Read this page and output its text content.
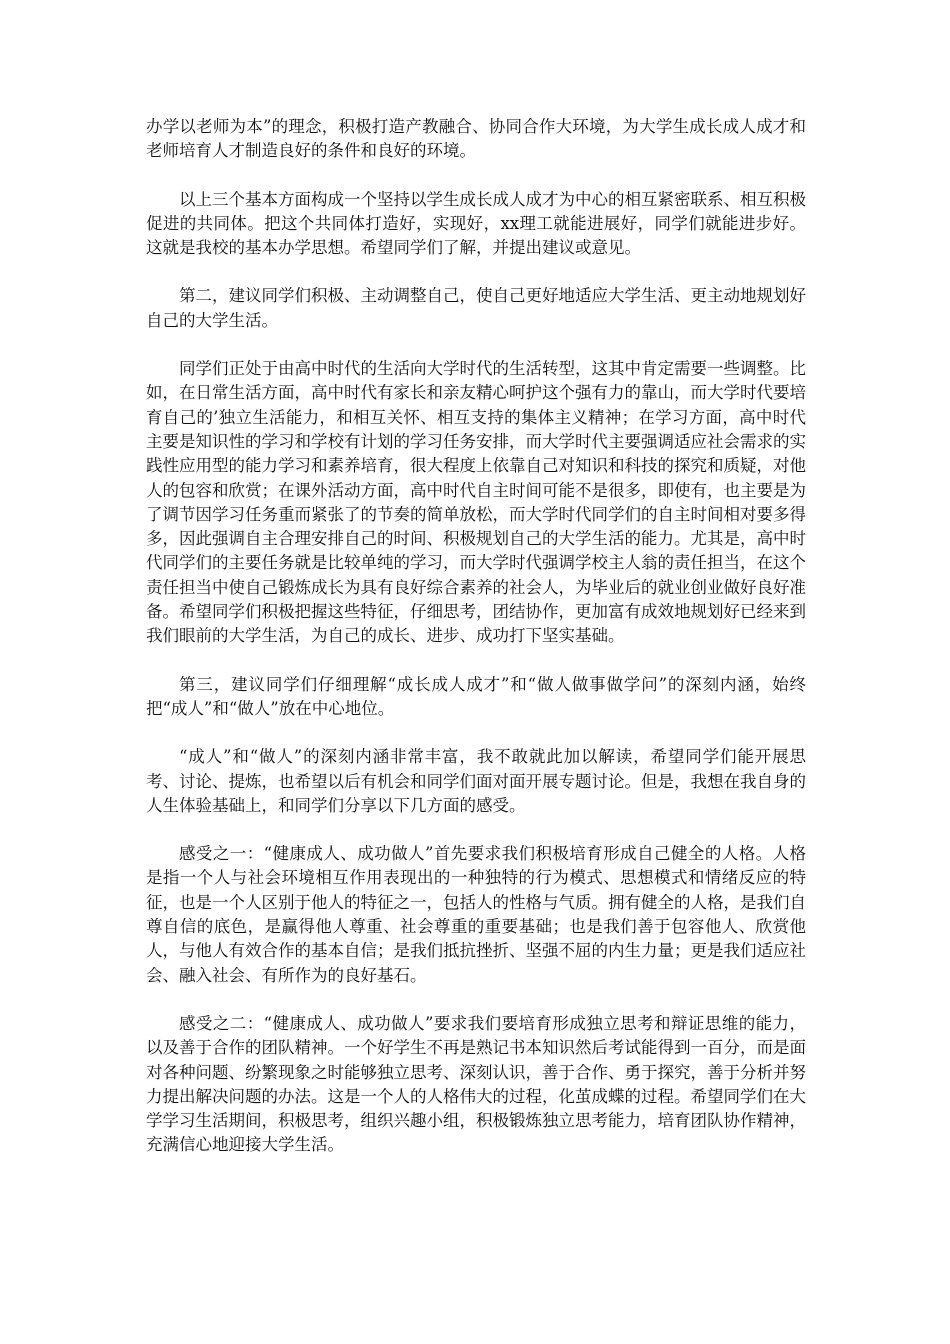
办学以老师为本”的理念，积极打造产教融合、协同合作大环境，为大学生成长成人成才和老师培育人才制造良好的条件和良好的环境。

以上三个基本方面构成一个坚持以学生成长成人成才为中心的相互紧密联系、相互积极促进的共同体。把这个共同体打造好，实现好，xx理工就能进展好，同学们就能进步好。这就是我校的基本办学思想。希望同学们了解，并提出建议或意见。

第二，建议同学们积极、主动调整自己，使自己更好地适应大学生活、更主动地规划好自己的大学生活。

同学们正处于由高中时代的生活向大学时代的生活转型，这其中肯定需要一些调整。比如，在日常生活方面，高中时代有家长和亲友精心呵护这个强有力的靠山，而大学时代要培育自己的’独立生活能力，和相互关怀、相互支持的集体主义精神；在学习方面，高中时代主要是知识性的学习和学校有计划的学习任务安排，而大学时代主要强调适应社会需求的实践性应用型的能力学习和素养培育，很大程度上依靠自己对知识和科技的探究和质疑，对他人的包容和欣赏；在课外活动方面，高中时代自主时间可能不是很多，即使有，也主要是为了调节因学习任务重而紧张了的节奏的简单放松，而大学时代同学们的自主时间相对要多得多，因此强调自主合理安排自己的时间、积极规划自己的大学生活的能力。尤其是，高中时代同学们的主要任务就是比较单纯的学习，而大学时代强调学校主人翁的责任担当，在这个责任担当中使自己锻炼成长为具有良好综合素养的社会人，为毕业后的就业创业做好良好准备。希望同学们积极把握这些特征，仔细思考，团结协作，更加富有成效地规划好已经来到我们眼前的大学生活，为自己的成长、进步、成功打下坚实基础。

第三，建议同学们仔细理解“成长成人成才”和“做人做事做学问”的深刻内涵，始终把“成人”和“做人”放在中心地位。

“成人”和“做人”的深刻内涵非常丰富，我不敢就此加以解读，希望同学们能开展思考、讨论、提炼，也希望以后有机会和同学们面对面开展专题讨论。但是，我想在我自身的人生体验基础上，和同学们分享以下几方面的感受。

感受之一：“健康成人、成功做人”首先要求我们积极培育形成自己健全的人格。人格是指一个人与社会环境相互作用表现出的一种独特的行为模式、思想模式和情绪反应的特征，也是一个人区别于他人的特征之一，包括人的性格与气质。拥有健全的人格，是我们自尊自信的底色，是赢得他人尊重、社会尊重的重要基础；也是我们善于包容他人、欣赏他人，与他人有效合作的基本自信；是我们抵抗挫折、坚强不屈的内生力量；更是我们适应社会、融入社会、有所作为的良好基石。

感受之二：“健康成人、成功做人”要求我们要培育形成独立思考和辩证思维的能力，以及善于合作的团队精神。一个好学生不再是熟记书本知识然后考试能得到一百分，而是面对各种问题、纷繁现象之时能够独立思考、深刻认识，善于合作、勇于探究，善于分析并努力提出解决问题的办法。这是一个人的人格伟大的过程，化茧成蝶的过程。希望同学们在大学学习生活期间，积极思考，组织兴趣小组，积极锻炼独立思考能力，培育团队协作精神，充满信心地迎接大学生活。
